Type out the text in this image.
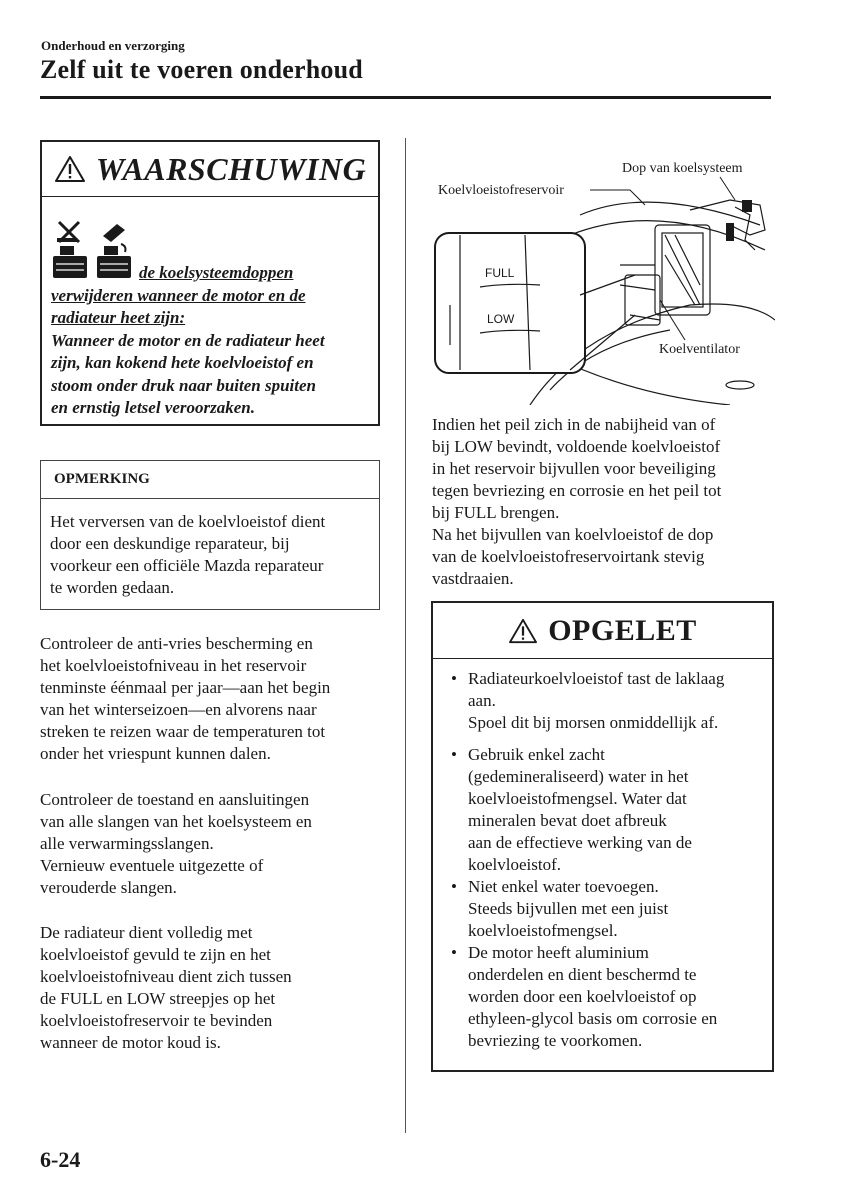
Onderhoud en verzorging
Zelf uit te voeren onderhoud
WAARSCHUWING
de koelsysteemdoppen
verwijderen wanneer de motor en de
radiateur heet zijn:
Wanneer de motor en de radiateur heet
zijn, kan kokend hete koelvloeistof en
stoom onder druk naar buiten spuiten
en ernstig letsel veroorzaken.
OPMERKING
Het verversen van de koelvloeistof dient
door een deskundige reparateur, bij
voorkeur een officiële Mazda reparateur
te worden gedaan.
Controleer de anti-vries bescherming en
het koelvloeistofniveau in het reservoir
tenminste éénmaal per jaar—aan het begin
van het winterseizoen—en alvorens naar
streken te reizen waar de temperaturen tot
onder het vriespunt kunnen dalen.
Controleer de toestand en aansluitingen
van alle slangen van het koelsysteem en
alle verwarmingsslangen.
Vernieuw eventuele uitgezette of
verouderde slangen.
De radiateur dient volledig met
koelvloeistof gevuld te zijn en het
koelvloeistofniveau dient zich tussen
de FULL en LOW streepjes op het
koelvloeistofreservoir te bevinden
wanneer de motor koud is.
FULL
LOW
Dop van koelsysteem
Koelvloeistofreservoir
Koelventilator
Indien het peil zich in de nabijheid van of
bij LOW bevindt, voldoende koelvloeistof
in het reservoir bijvullen voor beveiliging
tegen bevriezing en corrosie en het peil tot
bij FULL brengen.
Na het bijvullen van koelvloeistof de dop
van de koelvloeistofreservoirtank stevig
vastdraaien.
OPGELET
• Radiateurkoelvloeistof tast de laklaag
aan.
Spoel dit bij morsen onmiddellijk af.
• Gebruik enkel zacht
(gedemineraliseerd) water in het
koelvloeistofmengsel. Water dat
mineralen bevat doet afbreuk
aan de effectieve werking van de
koelvloeistof.
• Niet enkel water toevoegen.
Steeds bijvullen met een juist
koelvloeistofmengsel.
• De motor heeft aluminium
onderdelen en dient beschermd te
worden door een koelvloeistof op
ethyleen-glycol basis om corrosie en
bevriezing te voorkomen.
6-24
